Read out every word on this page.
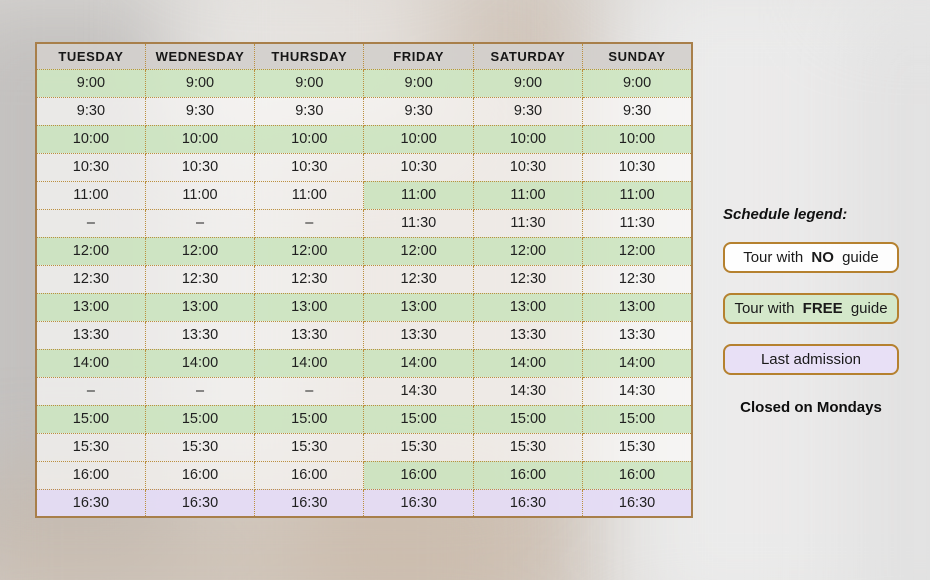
TUESDAY	WEDNESDAY	THURSDAY	FRIDAY	SATURDAY	SUNDAY
9:00	9:00	9:00	9:00	9:00	9:00
9:30	9:30	9:30	9:30	9:30	9:30
10:00	10:00	10:00	10:00	10:00	10:00
10:30	10:30	10:30	10:30	10:30	10:30
11:00	11:00	11:00	11:00	11:00	11:00
–	–	–	11:30	11:30	11:30
12:00	12:00	12:00	12:00	12:00	12:00
12:30	12:30	12:30	12:30	12:30	12:30
13:00	13:00	13:00	13:00	13:00	13:00
13:30	13:30	13:30	13:30	13:30	13:30
14:00	14:00	14:00	14:00	14:00	14:00
–	–	–	14:30	14:30	14:30
15:00	15:00	15:00	15:00	15:00	15:00
15:30	15:30	15:30	15:30	15:30	15:30
16:00	16:00	16:00	16:00	16:00	16:00
16:30	16:30	16:30	16:30	16:30	16:30
Schedule legend:
Tour with NO guide
Tour with FREE guide
Last admission
Closed on Mondays
